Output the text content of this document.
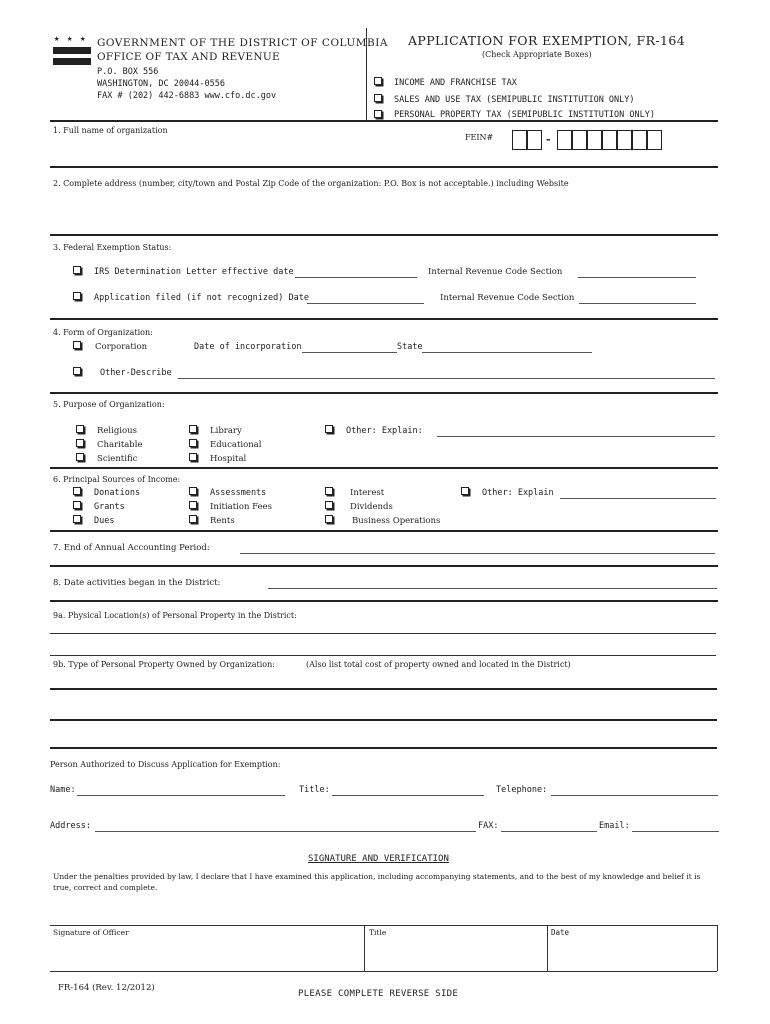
★ ★ ★ GOVERNMENT OF THE DISTRICT OF COLUMBIA
OFFICE OF TAX AND REVENUE
P.O. BOX 556
WASHINGTON, DC 20044-0556
FAX # (202) 442-6883 www.cfo.dc.gov
APPLICATION FOR EXEMPTION, FR-164
(Check Appropriate Boxes)
INCOME AND FRANCHISE TAX
SALES AND USE TAX (SEMIPUBLIC INSTITUTION ONLY)
PERSONAL PROPERTY TAX (SEMIPUBLIC INSTITUTION ONLY)
1. Full name of organization
FEIN#	-
2. Complete address (number, city/town and Postal Zip Code of the organization: P.O. Box is not acceptable.) including Website
3. Federal Exemption Status:
IRS Determination Letter effective date	Internal Revenue Code Section
Application filed (if not recognized) Date	Internal Revenue Code Section
4. Form of Organization:
Corporation	Date of incorporation	State
Other-Describe
5. Purpose of Organization:
Religious
Charitable
Scientific
Library
Educational
Hospital
Other: Explain:
6. Principal Sources of Income:
Donations
Grants
Dues
Assessments
Initiation Fees
Rents
Interest
Dividends
Business Operations
Other: Explain
7. End of Annual Accounting Period:
8. Date activities began in the District:
9a. Physical Location(s) of Personal Property in the District:
9b. Type of Personal Property Owned by Organization:	(Also list total cost of property owned and located in the District)
Person Authorized to Discuss Application for Exemption:
Name:	Title:	Telephone:
Address:	FAX:	Email:
SIGNATURE AND VERIFICATION
Under the penalties provided by law, I declare that I have examined this application, including accompanying statements, and to the best of my knowledge and belief it is
true, correct and complete.
Signature of Officer	Title	Date
FR-164 (Rev. 12/2012)
PLEASE COMPLETE REVERSE SIDE
